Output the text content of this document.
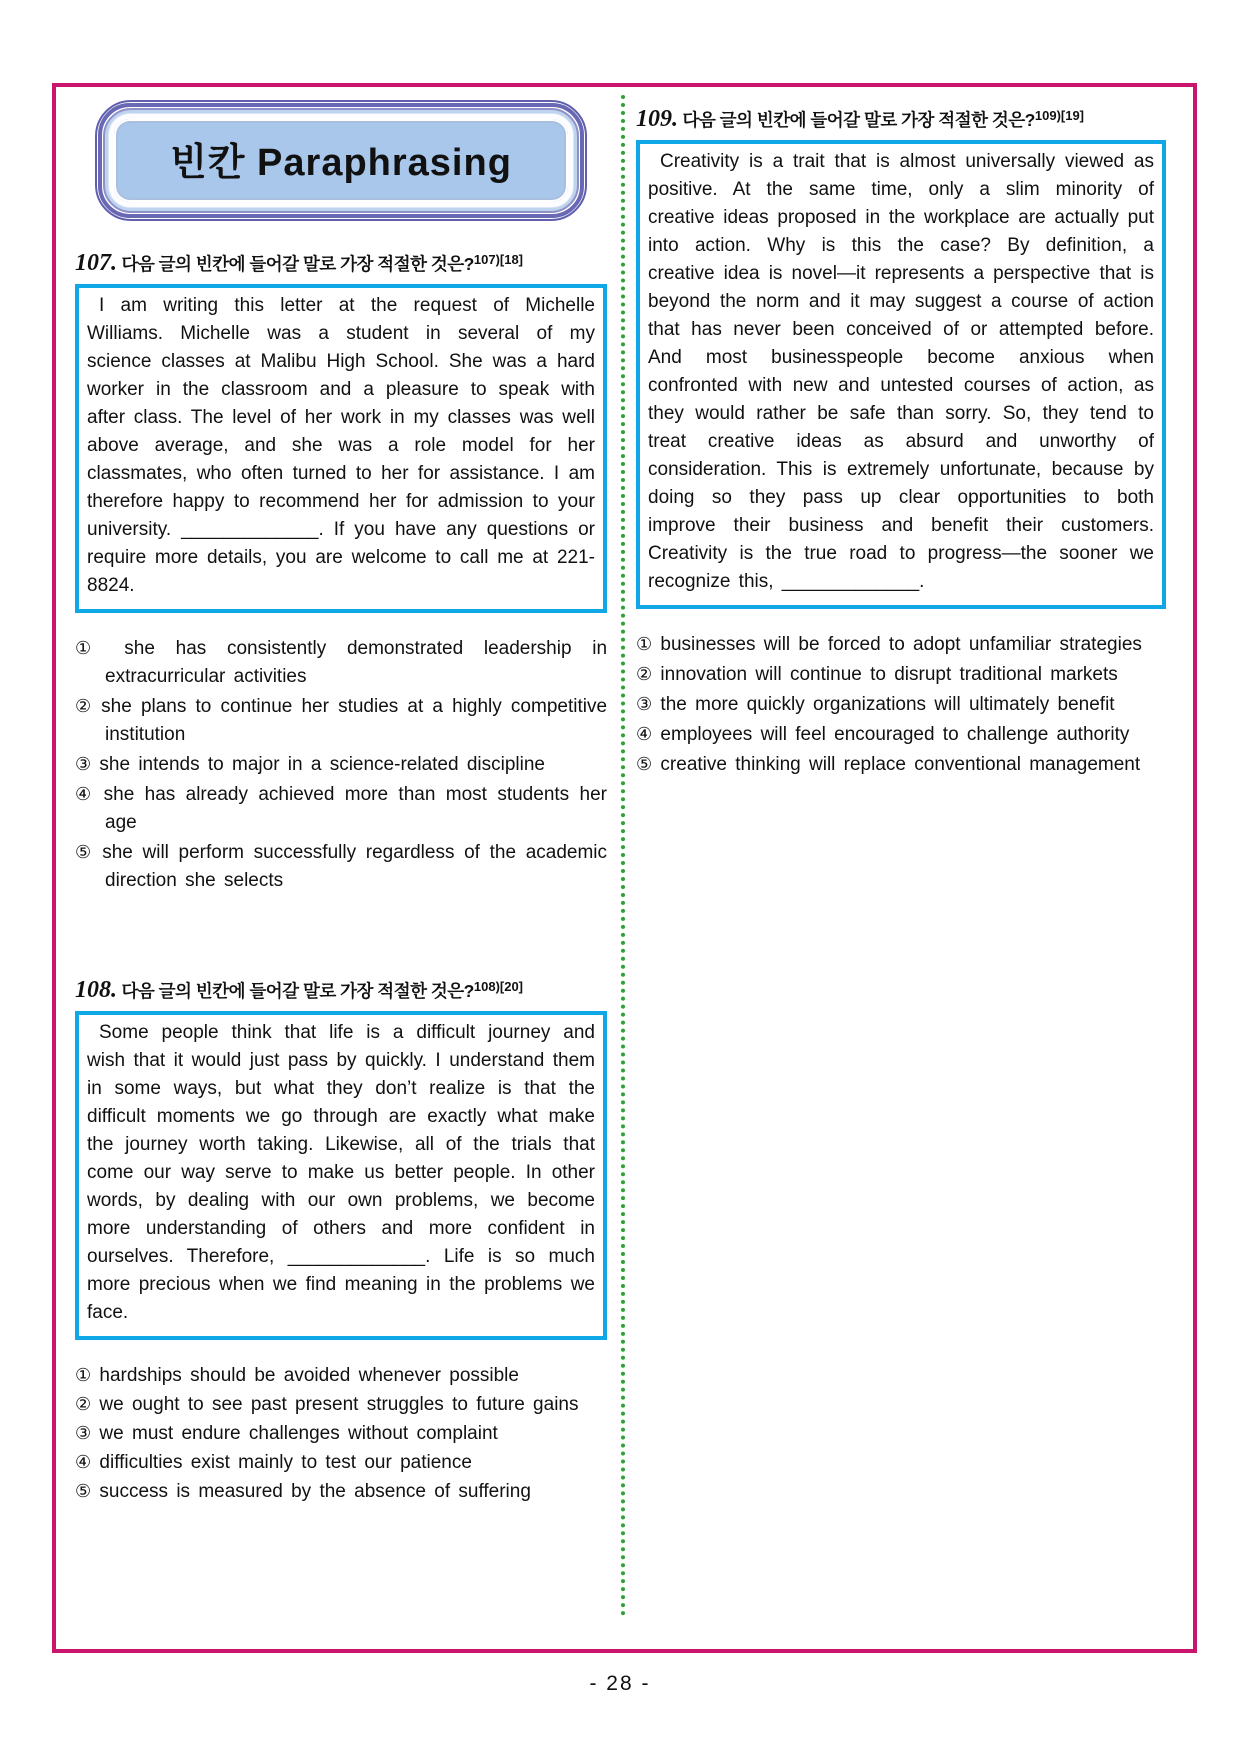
빈칸 Paraphrasing
107. 다음 글의 빈칸에 들어갈 말로 가장 적절한 것은?$^{107)[18]}$
I am writing this letter at the request of Michelle Williams. Michelle was a student in several of my science classes at Malibu High School. She was a hard worker in the classroom and a pleasure to speak with after class. The level of her work in my classes was well above average, and she was a role model for her classmates, who often turned to her for assistance. I am therefore happy to recommend her for admission to your university. _____________. If you have any questions or require more details, you are welcome to call me at 221-8824.
① she has consistently demonstrated leadership in extracurricular activities
② she plans to continue her studies at a highly competitive institution
③ she intends to major in a science-related discipline
④ she has already achieved more than most students her age
⑤ she will perform successfully regardless of the academic direction she selects
108. 다음 글의 빈칸에 들어갈 말로 가장 적절한 것은?$^{108)[20]}$
Some people think that life is a difficult journey and wish that it would just pass by quickly. I understand them in some ways, but what they don’t realize is that the difficult moments we go through are exactly what make the journey worth taking. Likewise, all of the trials that come our way serve to make us better people. In other words, by dealing with our own problems, we become more understanding of others and more confident in ourselves. Therefore, _____________. Life is so much more precious when we find meaning in the problems we face.
① hardships should be avoided whenever possible
② we ought to see past present struggles to future gains
③ we must endure challenges without complaint
④ difficulties exist mainly to test our patience
⑤ success is measured by the absence of suffering
109. 다음 글의 빈칸에 들어갈 말로 가장 적절한 것은?$^{109)[19]}$
Creativity is a trait that is almost universally viewed as positive. At the same time, only a slim minority of creative ideas proposed in the workplace are actually put into action. Why is this the case? By definition, a creative idea is novel—it represents a perspective that is beyond the norm and it may suggest a course of action that has never been conceived of or attempted before. And most businesspeople become anxious when confronted with new and untested courses of action, as they would rather be safe than sorry. So, they tend to treat creative ideas as absurd and unworthy of consideration. This is extremely unfortunate, because by doing so they pass up clear opportunities to both improve their business and benefit their customers. Creativity is the true road to progress—the sooner we recognize this, _____________.
① businesses will be forced to adopt unfamiliar strategies
② innovation will continue to disrupt traditional markets
③ the more quickly organizations will ultimately benefit
④ employees will feel encouraged to challenge authority
⑤ creative thinking will replace conventional management
- 28 -
